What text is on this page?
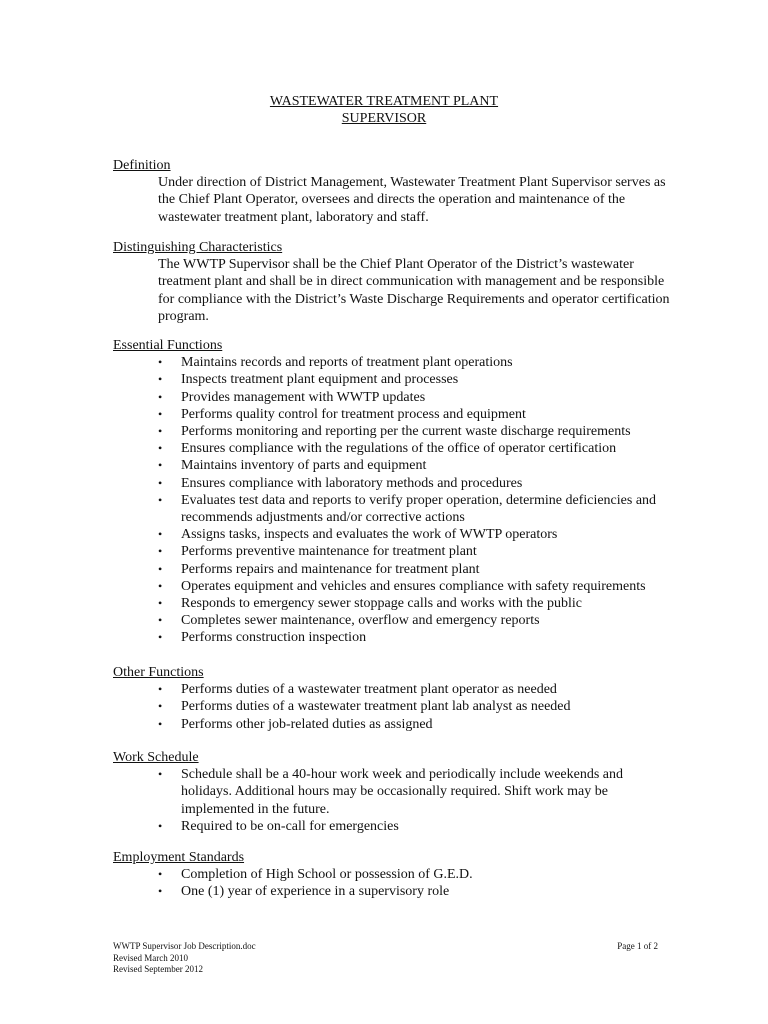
WASTEWATER TREATMENT PLANT
SUPERVISOR
Definition
Under direction of District Management, Wastewater Treatment Plant Supervisor serves as the Chief Plant Operator, oversees and directs the operation and maintenance of the wastewater treatment plant, laboratory and staff.
Distinguishing Characteristics
The WWTP Supervisor shall be the Chief Plant Operator of the District’s wastewater treatment plant and shall be in direct communication with management and be responsible for compliance with the District’s Waste Discharge Requirements and operator certification program.
Essential Functions
• Maintains records and reports of treatment plant operations
• Inspects treatment plant equipment and processes
• Provides management with WWTP updates
• Performs quality control for treatment process and equipment
• Performs monitoring and reporting per the current waste discharge requirements
• Ensures compliance with the regulations of the office of operator certification
• Maintains inventory of parts and equipment
• Ensures compliance with laboratory methods and procedures
• Evaluates test data and reports to verify proper operation, determine deficiencies and recommends adjustments and/or corrective actions
• Assigns tasks, inspects and evaluates the work of WWTP operators
• Performs preventive maintenance for treatment plant
• Performs repairs and maintenance for treatment plant
• Operates equipment and vehicles and ensures compliance with safety requirements
• Responds to emergency sewer stoppage calls and works with the public
• Completes sewer maintenance, overflow and emergency reports
• Performs construction inspection
Other Functions
• Performs duties of a wastewater treatment plant operator as needed
• Performs duties of a wastewater treatment plant lab analyst as needed
• Performs other job-related duties as assigned
Work Schedule
• Schedule shall be a 40-hour work week and periodically include weekends and holidays. Additional hours may be occasionally required. Shift work may be implemented in the future.
• Required to be on-call for emergencies
Employment Standards
• Completion of High School or possession of G.E.D.
• One (1) year of experience in a supervisory role
WWTP Supervisor Job Description.doc
Revised March 2010
Revised September 2012
Page 1 of 2
